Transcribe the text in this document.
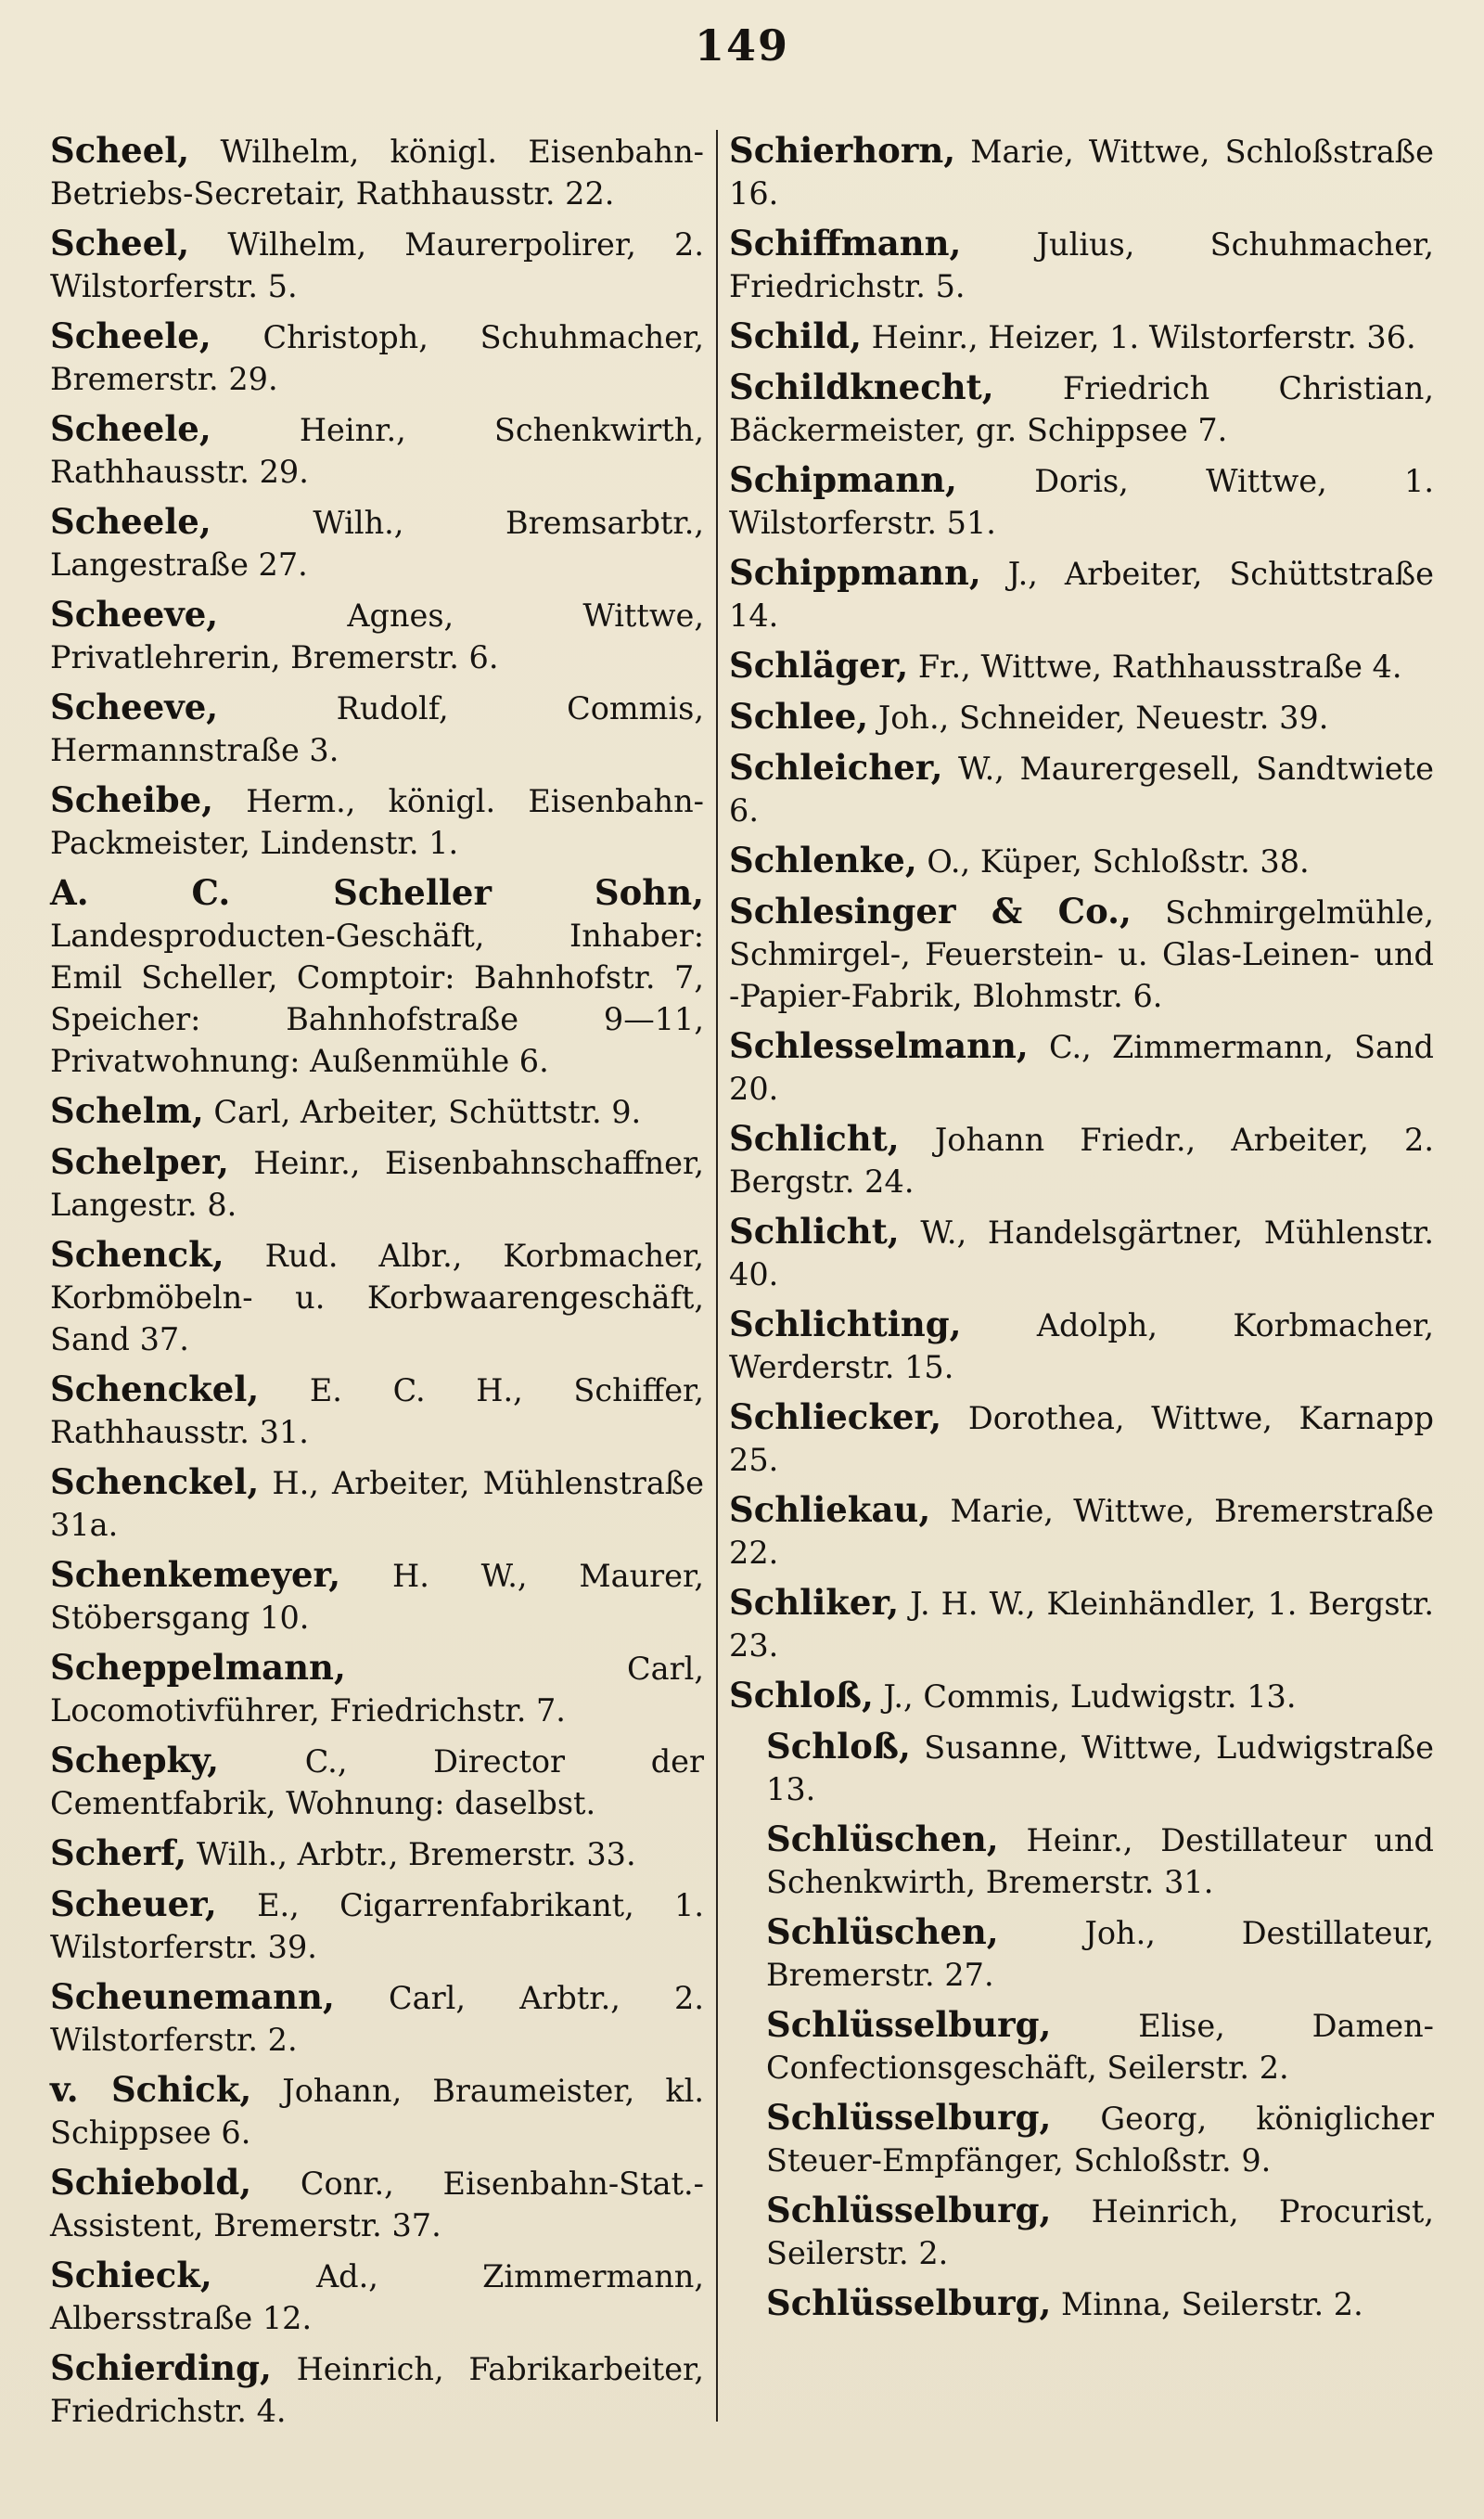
149
Scheel, Wilhelm, königl. Eisenbahn-Betriebs-Secretair, Rathhausstr. 22.
Scheel, Wilhelm, Maurerpolirer, 2. Wilstorferstr. 5.
Scheele, Christoph, Schuhmacher, Bremerstr. 29.
Scheele, Heinr., Schenkwirth, Rathhausstr. 29.
Scheele, Wilh., Bremsarbtr., Langestraße 27.
Scheeve, Agnes, Wittwe, Privatlehrerin, Bremerstr. 6.
Scheeve, Rudolf, Commis, Hermannstraße 3.
Scheibe, Herm., königl. Eisenbahn-Packmeister, Lindenstr. 1.
A. C. Scheller Sohn, Landesproducten-Geschäft, Inhaber: Emil Scheller, Comptoir: Bahnhofstr. 7, Speicher: Bahnhofstraße 9—11, Privatwohnung: Außenmühle 6.
Schelm, Carl, Arbeiter, Schüttstr. 9.
Schelper, Heinr., Eisenbahnschaffner, Langestr. 8.
Schenck, Rud. Albr., Korbmacher, Korbmöbeln- u. Korbwaarengeschäft, Sand 37.
Schenckel, E. C. H., Schiffer, Rathhausstr. 31.
Schenckel, H., Arbeiter, Mühlenstraße 31a.
Schenkemeyer, H. W., Maurer, Stöbersgang 10.
Scheppelmann, Carl, Locomotivführer, Friedrichstr. 7.
Schepky, C., Director der Cementfabrik, Wohnung: daselbst.
Scherf, Wilh., Arbtr., Bremerstr. 33.
Scheuer, E., Cigarrenfabrikant, 1. Wilstorferstr. 39.
Scheunemann, Carl, Arbtr., 2. Wilstorferstr. 2.
v. Schick, Johann, Braumeister, kl. Schippsee 6.
Schiebold, Conr., Eisenbahn-Stat.-Assistent, Bremerstr. 37.
Schieck, Ad., Zimmermann, Albersstraße 12.
Schierding, Heinrich, Fabrikarbeiter, Friedrichstr. 4.
Schierhorn, Marie, Wittwe, Schloßstraße 16.
Schiffmann, Julius, Schuhmacher, Friedrichstr. 5.
Schild, Heinr., Heizer, 1. Wilstorferstr. 36.
Schildknecht, Friedrich Christian, Bäckermeister, gr. Schippsee 7.
Schipmann, Doris, Wittwe, 1. Wilstorferstr. 51.
Schippmann, J., Arbeiter, Schüttstraße 14.
Schläger, Fr., Wittwe, Rathhausstraße 4.
Schlee, Joh., Schneider, Neuestr. 39.
Schleicher, W., Maurergesell, Sandtwiete 6.
Schlenke, O., Küper, Schloßstr. 38.
Schlesinger & Co., Schmirgelmühle, Schmirgel-, Feuerstein- u. Glas-Leinen- und -Papier-Fabrik, Blohmstr. 6.
Schlesselmann, C., Zimmermann, Sand 20.
Schlicht, Johann Friedr., Arbeiter, 2. Bergstr. 24.
Schlicht, W., Handelsgärtner, Mühlenstr. 40.
Schlichting, Adolph, Korbmacher, Werderstr. 15.
Schliecker, Dorothea, Wittwe, Karnapp 25.
Schliekau, Marie, Wittwe, Bremerstraße 22.
Schliker, J. H. W., Kleinhändler, 1. Bergstr. 23.
Schloß, J., Commis, Ludwigstr. 13.
Schloß, Susanne, Wittwe, Ludwigstraße 13.
Schlüschen, Heinr., Destillateur und Schenkwirth, Bremerstr. 31.
Schlüschen, Joh., Destillateur, Bremerstr. 27.
Schlüsselburg, Elise, Damen-Confectionsgeschäft, Seilerstr. 2.
Schlüsselburg, Georg, königlicher Steuer-Empfänger, Schloßstr. 9.
Schlüsselburg, Heinrich, Procurist, Seilerstr. 2.
Schlüsselburg, Minna, Seilerstr. 2.
